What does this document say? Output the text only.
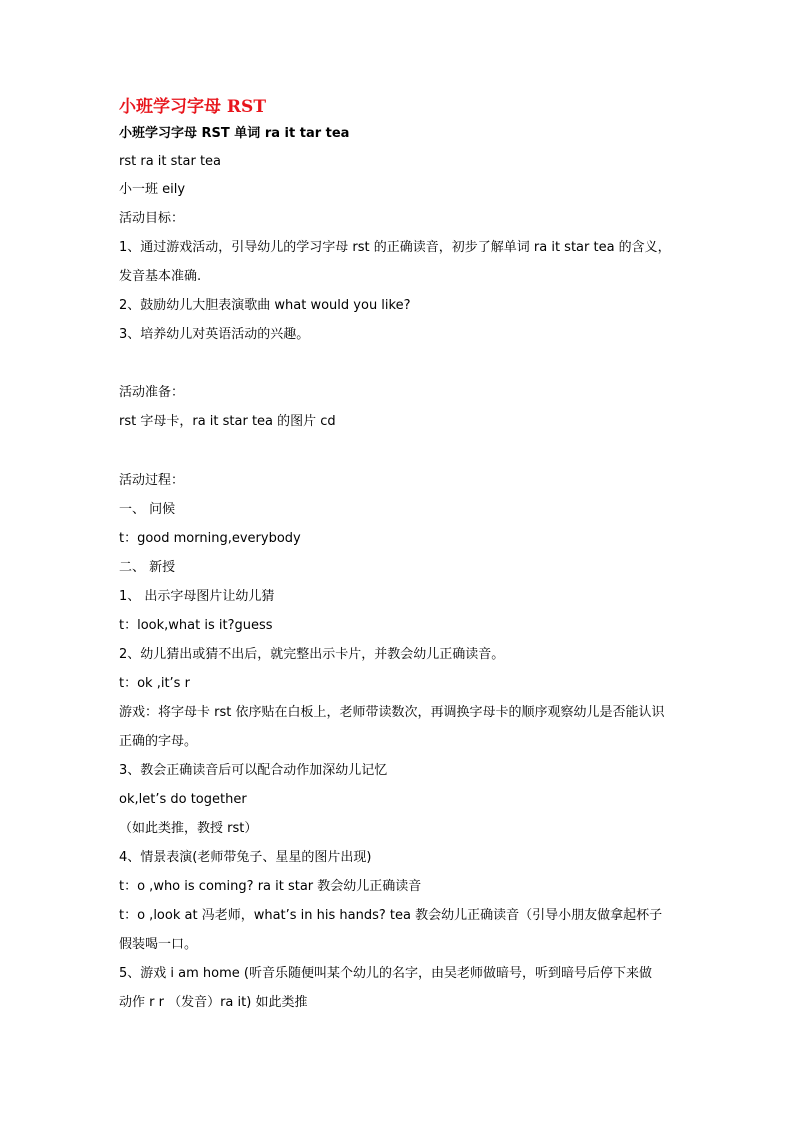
小班学习字母 RST
小班学习字母 RST 单词 ra it tar tea
rst ra it star tea
小一班 eily
活动目标：
1、通过游戏活动，引导幼儿的学习字母 rst 的正确读音，初步了解单词 ra it star tea 的含义，
发音基本准确.
2、鼓励幼儿大胆表演歌曲 what would you like?
3、培养幼儿对英语活动的兴趣。
活动准备：
rst 字母卡，ra it star tea 的图片 cd
活动过程：
一、 问候
t：good morning,everybody
二、 新授
1、 出示字母图片让幼儿猜
t：look,what is it?guess
2、幼儿猜出或猜不出后，就完整出示卡片，并教会幼儿正确读音。
t：ok ,it’s r
游戏：将字母卡 rst 依序贴在白板上，老师带读数次，再调换字母卡的顺序观察幼儿是否能认识
正确的字母。
3、教会正确读音后可以配合动作加深幼儿记忆
ok,let’s do together
（如此类推，教授 rst）
4、情景表演(老师带兔子、星星的图片出现)
t：o ,who is coming? ra it star 教会幼儿正确读音
t：o ,look at 冯老师，what’s in his hands? tea 教会幼儿正确读音（引导小朋友做拿起杯子
假装喝一口。
5、游戏 i am home (听音乐随便叫某个幼儿的名字，由吴老师做暗号，听到暗号后停下来做
动作 r r （发音）ra it) 如此类推
